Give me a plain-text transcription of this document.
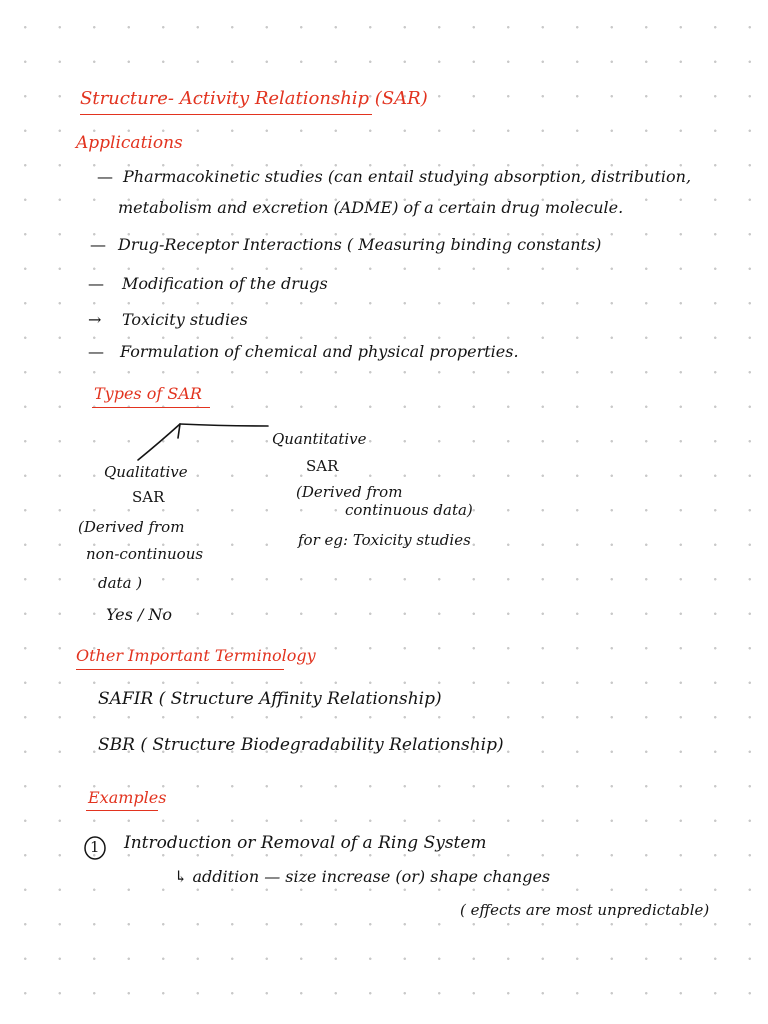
Structure- Activity Relationship (SAR)
Applications
— Pharmacokinetic studies (can entail studying absorption, distribution,
metabolism and excretion (ADME) of a certain drug molecule.
— Drug-Receptor Interactions ( Measuring binding constants)
— Modification of the drugs
→ Toxicity studies
— Formulation of chemical and physical properties.
Types of SAR
Quantitative
SAR
(Derived from
continuous data)
for eg: Toxicity studies
Qualitative
SAR
(Derived from
non-continuous
data )
Yes / No
Other Important Terminology
SAFIR ( Structure Affinity Relationship)
SBR ( Structure Biodegradability Relationship)
Examples
1 Introduction or Removal of a Ring System
↳ addition — size increase (or) shape changes
( effects are most unpredictable)
